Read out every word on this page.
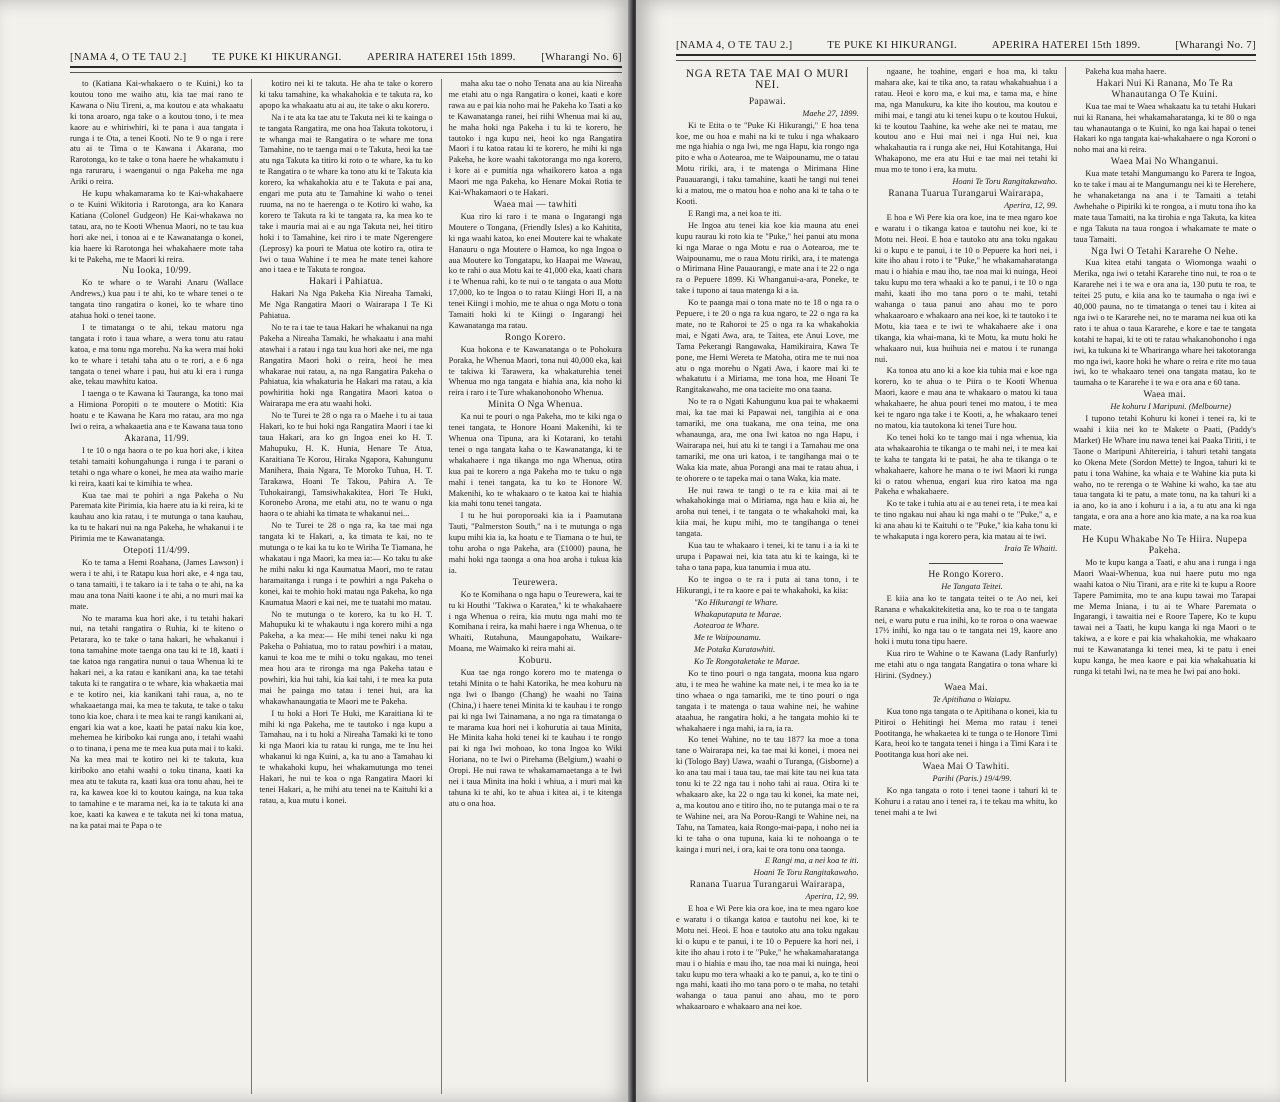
[NAMA 4, O TE TAU 2.] TE PUKE KI HIKURANGI. APERIRA HATEREI 15th 1899. [Wharangi No. 6]

to (Katiana Kai-whakaero o te Kuini,) ko ta koutou tono me waiho atu, kia tae mai rano te Kawana o Niu Tireni, a, ma koutou e ata whakaatu ki tona aroaro, nga take o a koutou tono, i te mea kaore au e whiriwhiri, ki te pana i aua tangata i runga i te Ota, a tenei Kooti. No te 9 o nga i rere atu ai te Tima o te Kawana i Akarana, mo Rarotonga, ko te take o tona haere he whakamutu i nga raruraru, i waenganui o nga Pakeha me nga Ariki o reira.

He kupu whakamarama ko te Kai-whakahaere o te Kuini Wikitoria i Rarotonga, ara ko Kanara Katiana (Colonel Gudgeon) He Kai-whakawa no tatau, ara, no te Kooti Whenua Maori, no te tau kua hori ake nei, i tonoa ai e te Kawanatanga o konei, kia haere ki Rarotonga hei whakahaere mote taha ki te Pakeha, me te Maori ki reira.

Nu Iooka, 10/99.

Ko te whare o te Warahi Anaru (Wallace Andrews,) kua pau i te ahi, ko te whare tenei o te tangata tino rangatira o konei, ko te whare tino atahua hoki o tenei taone.

I te timatanga o te ahi, tekau matoru nga tangata i roto i taua whare, a wera tonu atu ratau katoa, e ma tonu nga morehu. Na ka wera mai hoki ko te whare i tetahi taha atu o te rori, a e 6 nga tangata o tenei whare i pau, hui atu ki era i runga ake, tekau mawhitu katoa.

I taenga o te Kawana ki Tauranga, ka tono mai a Himiona Poropiti o te moutere o Motiti: Kia hoatu e te Kawana he Kara mo ratau, ara mo nga Iwi o reira, a whakaaetia ana e te Kawana taua tono

Akarana, 11/99.

I te 10 o nga haora o te po kua hori ake, i kitea tetahi tamaiti kohungahunga i runga i te parani o tetahi o nga whare o konei, he mea ata waiho marie ki reira, kaati kai te kimihia te whea.

Kua tae mai te pohiri a nga Pakeha o Nu Paremata kite Pirimia, kia haere atu ia ki reira, ki te kauhau ano kia ratau, i te mutunga o tana kauhau, ka tu te hakari nui na nga Pakeha, he whakanui i te Pirimia me te Kawanatanga.

Otepoti 11/4/99.

Ko te tama a Hemi Roahana, (James Lawson) i wera i te ahi, i te Ratapu kua hori ake, e 4 nga tau, o tana tamaiti, i te takaro ia i te taha o te ahi, na ka mau ana tona Naiti kaone i te ahi, a no muri mai ka mate.

No te marama kua hori ake, i tu tetahi hakari nui, na tetahi rangatira o Ruhia, ki te kiteno o Petarara, ko te take o tana hakari, he whakanui i tona tamahine mote taenga ona tau ki te 18, kaati i tae katoa nga rangatira nunui o taua Whenua ki te hakari nei, a ka ratau e kanikani ana, ka tae tetahi takuta ki te rangatira o te whare, kia whakaetia mai e te kotiro nei, kia kanikani tahi raua, a, no te whakaaetanga mai, ka mea te takuta, te take o taku tono kia koe, chara i te mea kai te rangi kanikani ai, engari kia wat a koe, kaati he patai naku kia koe, mehemea he kiriboko kai runga ano, i tetahi waahi o to tinana, i pena me te mea kua puta mai i to kaki. Na ka mea mai te kotiro nei ki te takuta, kua kiriboko ano etahi waahi o toku tinana, kaati ka mea atu te takuta ra, kaati kua ora tonu ahau, hei te ra, ka kawea koe ki to koutou kainga, na kua taka to tamahine e te marama nei, ka ia te takuta ki ana koe, kaati ka kawea e te takuta nei ki tona matua, na ka patai mai te Papa o te

kotiro nei ki te takuta. He aha te take o korero ki taku tamahine, ka whakahokia e te takuta ra, ko apopo ka whakaatu atu ai au, ite take o aku korero.

Na i te ata ka tae atu te Takuta nei ki te kainga o te tangata Rangatira, me ona hoa Takuta tokotoru, i te whanga mai te Rangatira o te whare me tona Tamahine, no te taenga mai o te Takuta, heoi ka tae atu nga Takuta ka titiro ki roto o te whare, ka tu ko te Rangatira o te whare ka tono atu ki te Takuta kia korero, ka whakahokia atu e te Takuta e pai ana, engari me puta atu te Tamahine ki waho o tenei ruuma, na no te haerenga o te Kotiro ki waho, ka korero te Takuta ra ki te tangata ra, ka mea ko te take i mauria mai ai e au nga Takuta nei, hei titiro hoki i to Tamahine, kei riro i te mate Ngerengere (Leprosy) ka pouri te Matua ote kotiro ra, otira te Iwi o taua Wahine i te mea he mate tenei kahore ano i taea e te Takuta te rongoa.

Hakari i Pahiatua.

Hakari Na Nga Pakeha Kia Nireaha Tamaki, Me Nga Rangatira Maori o Wairarapa I Te Ki Pahiatua.

No te ra i tae te taua Hakari he whakanui na nga Pakeha a Nireaha Tamaki, he whakaatu i ana mahi atawhai i a ratau i nga tau kua hori ake nei, me nga Rangatira Maori hoki o reira, heoi he mea whakarae nui ratau, a, na nga Rangatira Pakeha o Pahiatua, kia whakaturia he Hakari ma ratau, a kia powhiritia hoki nga Rangatira Maori katoa o Wairarapa me era atu waahi hoki.

No te Turei te 28 o nga ra o Maehe i tu ai taua Hakari, ko te hui hoki nga Rangatira Maori i tae ki taua Hakari, ara ko gn Ingoa enei ko H. T. Mahupuku, H. K. Hunia, Henare Te Atua, Karaitiana Te Korou, Hiraka Ngapora, Kahungunu Manihera, Ihaia Ngara, Te Moroko Tuhua, H. T. Tarakawa, Hoani Te Takou, Pahira A. Te Tuhokairangi, Tamsiwhakakitea, Hori Te Huki, Koronebo Arona, me etahi atu, no te wanu o nga haora o te ahiahi ka timata te whakanui nei...

No te Turei te 28 o nga ra, ka tae mai nga tangata ki te Hakari, a, ka timata te kai, no te mutunga o te kai ka tu ko te Wiriha Te Tiamana, he whakatau i nga Maori, ka mea ia:— Ko taku tu ake he mihi naku ki nga Kaumatua Maori, mo te ratau haramaitanga i runga i te powhiri a nga Pakeha o konei, kai te mohio hoki matau nga Pakeha, ko nga Kaumatua Maori e kai nei, me te tuatahi mo matau.

No te mutunga o te korero, ka tu ko H. T. Mahupuku ki te whakautu i nga korero mihi a nga Pakeha, a ka mea:— He mihi tenei naku ki nga Pakeha o Pahiatua, mo to ratau powhiri i a matau, kanui te koa me te mihi o toku ngakau, mo tenei mea hou ara te rironga ma nga Pakeha tatau e powhiri, kia hui tahi, kia kai tahi, i te mea ka puta mai he painga mo tatau i tenei hui, ara ka whakawhanaungatia te Maori me te Pakeha.

I tu hoki a Hori Te Huki, me Karaitiana ki te mihi ki nga Pakeha, me te tautoko i nga kupu a Tamahau, na i tu hoki a Nireaha Tamaki ki te tono ki nga Maori kia tu ratau ki runga, me te Inu hei whakanui ki nga Kuini, a, ka tu ano a Tamahau ki te whakahoki kupu, hei whakamutunga mo tenei Hakari, he nui te koa o nga Rangatira Maori ki tenei Hakari, a, he mihi atu tenei na te Kaituhi ki a ratau, a, kua mutu i konei.

maha aku tae o noho Tenata ana au kia Nireaha me etahi atu o nga Rangatira o konei, kaati e kore rawa au e pai kia noho mai he Pakeha ko Taati a ko te Kawanatanga ranei, hei riihi Whenua mai ki au, he maha hoki nga Pakeha i tu ki te korero, he tautoko i nga kupu nei, heoi ko nga Rangatira Maori i tu katoa ratau ki te korero, he mihi ki nga Pakeha, he kore waahi takotoranga mo nga korero, i kore ai e pumitia nga whaikorero katoa a nga Maori me nga Pakeha, ko Henare Mokai Rotia te Kai-Whakamaori o te Hakari.

Waea mai — tawhiti

Kua riro ki raro i te mana o Ingarangi nga Moutere o Tongana, (Friendly Isles) a ko Kahitita, ki nga waahi katoa, ko enei Moutere kai te whakate Hanauru o nga Moutere o Hamoa, ko nga Ingoa o aua Moutere ko Tongatapu, ko Haapai me Wawau, ko te rahi o aua Motu kai te 41,000 eka, kaati chara i te Whenua rahi, ko te nui o te tangata o aua Motu 17,000, ko te Ingoa o to ratau Kiingi Hori II, a na tenei Kiingi i mohio, me te ahua o nga Motu o tona Tamaiti hoki ki te Kiingi o Ingarangi hei Kawanatanga ma ratau.

Rongo Korero.

Kua hokona e te Kawanatanga o te Pohokura Poraka, he Whenua Maori, tona nui 40,000 eka, kai te takiwa ki Tarawera, ka whakaturehia tenei Whenua mo nga tangata e hiahia ana, kia noho ki reira i raro i te Ture whakanohonoho Whenua.

Minita O Nga Whenua.

Ka nui te pouri o nga Pakeha, mo te kiki nga o tenei tangata, te Honore Hoani Makenihi, ki te Whenua ona Tipuna, ara ki Kotarani, ko tetahi tenei o nga tangata kaha o te Kawanatanga, ki te whakahaere i nga tikanga mo nga Whenua, otira kua pai te korero a nga Pakeha mo te tuku o nga mahi i tenei tangata, ka tu ko te Honore W. Makenihi, ko te whakaaro o te katoa kai te hiahia kia mahi tonu tenei tangata.

I tu he hui poroporoaki kia ia i Paamutana Tauti, "Palmerston South," na i te mutunga o nga kupu mihi kia ia, ka hoatu e te Tiamana o te hui, te tohu aroha o nga Pakeha, ara (£1000) pauna, he mahi hoki nga taonga a ona hoa aroha i tukua kia ia.

Teurewera.

Ko te Komihana o nga hapu o Teurewera, kai te tu ki Houthi "Takiwa o Karatea," ki te whakahaere i nga Whenua o reira, kia mutu nga mahi mo te Komihana i reira, ka mahi haere i nga Whenua, o te Whaiti, Rutahuna, Maungapohatu, Waikare-Moana, me Waimako ki reira mahi ai.

Koburu.

Kua tae nga rongo korero mo te matenga o tetahi Minita o te hahi Katorika, he mea kohuru na nga Iwi o Ibango (Chang) he waahi no Taina (China,) i haere tenei Minita ki te kauhau i te rongo pai ki nga Iwi Tainamana, a no nga ra timatanga o te marama kua hori nei i kohurutia ai taua Minita, He Minita kaha hoki tenei ki te kauhau i te rongo pai ki nga Iwi mohoao, ko tona Ingoa ko Wiki Horiana, no te Iwi o Pirehama (Belgium,) waahi o Oropi. He nui rawa te whakamamaetanga a te Iwi nei i taua Minita ina hoki i whiua, a i muri mai ka tahuna ki te ahi, ko te ahua i kitea ai, i te kitenga atu o ona hoa.

[NAMA 4, O TE TAU 2.]	TE PUKE KI HIKURANGI.	APERIRA HATEREI 15th 1899.	[Wharangi No. 7]
NGA RETA TAE MAI O MURI NEI.

Papawai.

Maehe 27, 1899.

Ki te Etita o te "Puke Ki Hikurangi," E hoa tena koe, me ou hoa e mahi na ki te tuku i nga whakaaro me nga hiahia o nga Iwi, me nga Hapu, kia rongo nga pito e wha o Aotearoa, me te Waipounamu, me o tatau Motu ririki, ara, i te matenga o Mirimana Hine Pauauarangi, i taku tamahine, kaati he tangi nui tenei ki a matou, me o matou hoa e noho ana ki te taha o te Kooti.

E Rangi ma, a nei koa te iti.

He Ingoa atu tenei kia koe kia mauna atu enei kupu raurau ki roto kia te "Puke," hei panui atu mona ki nga Marae o nga Motu e rua o Aotearoa, me te Waipounamu, me o raua Motu ririki, ara, i te matenga o Mirimana Hine Pauaurangi, e mate ana i te 22 o nga ra o Pepuere 1899. Ki Whanganui-a-ara, Poneke, te take i tupono ai taua matenga ki a ia.

Ko te paanga mai o tona mate no te 18 o nga ra o Pepuere, i te 20 o nga ra kua ngaro, te 22 o nga ra ka mate, no te Rahoroi te 25 o nga ra ka whakahokia mai, e Ngati Awa, ara, te Taitea, ete Anui Love, me Tama Pekerangi Rangawaka, Hamikiraira, Kawa Te pone, me Hemi Wereta te Matoha, otira me te nui noa atu o nga morehu o Ngati Awa, i kaore mai ki te whakatutu i a Miriama, me tona hoa, me Hoani Te Rangitakawaho, me ona tacieite mo ona taana.

No te ra o Ngati Kahungunu kua pai te whakaemi mai, ka tae mai ki Papawai nei, tangihia ai e ona tamariki, me ona tuakana, me ona teina, me ona whanaunga, ara, me ona Iwi katoa no nga Hapu, i Wairarapa nei, hui atu ki te tangi i a Tamahau me ona tamariki, me ona uri katoa, i te tangihanga mai o te Waka kia mate, ahua Porangi ana mai te ratau ahua, i te ohorere o te tapeka mai o tana Waka, kia mate.

He nui rawa te tangi o te ra e kiia mai ai te whakahokinga mai o Miriama, nga hau e kiia ai, he aroha nui tenei, i te tangata o te whakahoki mai, ka kiia mai, he kupu mihi, mo te tangihanga o tenei tangata.

Kua tau te whakaaro i tenei, ki te tanu i a ia ki te urupa i Papawai nei, kia tata atu ki te kainga, ki te taha o tana papa, kua tanumia i mua atu.

Ko te ingoa o te ra i puta ai tana tono, i te Hikurangi, i te ra kaore e pai te whakahoki, ka kiia:

"Ko Hikurangi te Whare.

Whakaputaputa te Marae.

Aotearoa te Whare.

Me te Waipounamu.

Me Potaka Kuratawhiti.

Ko Te Rongotaketake te Marae.

Ko te tino pouri o nga tangata, moona kua ngaro atu, i te mea he wahine ka mate nei, i te mea ko ia te tino whaea o nga tamariki, me te tino pouri o nga tangata i te matenga o taua wahine nei, he wahine ataahua, he rangatira hoki, a he tangata mohio ki te whakahaere i nga mahi, ia ra, ia ra.

Ko tenei Wahine, no te tau 1877 ka moe a tona tane o Wairarapa nei, ka tae mai ki konei, i moea nei ki (Tologo Bay) Uawa, waahi o Turanga, (Gisborne) a ko ana tau mai i taua tau, tae mai kite tau nei kua tata tonu ki te 22 nga tau i noho tahi ai raua. Otira ki te whakaaro ake, ka 22 o nga tau ki konei, ka mate nei, a, ma koutou ano e titiro iho, no te putanga mai o te ra te Wahine nei, ara Na Porou-Rangi te Wahine nei, na Tahu, na Tamatea, kaia Rongo-mai-papa, i noho nei ia ki te taha o ona tupuna, kaia ki te nohoanga o te kainga i muri nei, i ora, kai te ora tonu ona taonga.

E Rangi ma, a nei koa te iti.

Hoani Te Toru Rangitakawaho.

Ranana Tuarua Turangarui Wairarapa,

Aperira, 12, 99.

E hoa e Wi Pere kia ora koe, ina te mea ngaro koe e waratu i o tikanga katoa e tautohu nei koe, ki te Motu nei. Heoi. E hoa e tautoko atu ana toku ngakau ki o kupu e te panui, i te 10 o Pepuere ka hori nei, i kite iho ahau i roto i te "Puke," he whakamaharatanga mau i o hiahia e mau iho, tae noa mai ki nuinga, heoi taku kupu mo tera whaaki a ko te panui, a, ko te tini o nga mahi, kaati iho mo tana poro o te maha, no tetahi wahanga o taua panui ano ahau, mo te poro whakaaroaro e whakaaro ana nei koe.

ngaane, he toahine, engari e hoa ma, ki taku mahara ake, kai te tika ano, ta ratau whakahuahua i a ratau. Heoi e koro ma, e kui ma, e tama ma, e hine ma, nga Manukuru, ka kite iho koutou, ma koutou e mihi mai, e tangi atu ki tenei kupu o te koutou Hukui, ki te koutou Taahine, ka wehe ake nei te matau, me koutou ano e Hui mai nei i nga Hui nei, kua whakahautia ra i runga ake nei, Hui Kotahitanga, Hui Whakapono, me era atu Hui e tae mai nei tetahi ki mua mo te tono i era, ka mutu.

Hoani Te Toru Rangitakawaho.

Ranana Tuarua Turangarui Wairarapa,

Aperira, 12, 99.

E hoa e Wi Pere kia ora koe, ina te mea ngaro koe e waratu i o tikanga katoa e tautohu nei koe, ki te Motu nei. Heoi. E hoa e tautoko atu ana toku ngakau ki o kupu e te panui, i te 10 o Pepuere ka hori nei, i kite iho ahau i roto i te "Puke," he whakamaharatanga mau i o hiahia e mau iho, tae noa mai ki nuinga, Heoi taku kupu mo tera whaaki a ko te panui, i te 10 o nga mahi, kaati iho mo tana poro o te mahi, tetahi wahanga o taua panui ano ahau mo te poro whakaaroaro e whakaaro ana nei koe, ki te tautoko i te Motu, kia taea e te iwi te whakahaere ake i ona tikanga, kia whai-mana, ki te Motu, ka mutu hoki he whakaaro nui, kua huihuia nei e matou i te runanga nui.

Ka tonoa atu ano ki a koe kia tuhia mai e koe nga korero, ko te ahua o te Piira o te Kooti Whenua Maori, kaore e mau ana te whakaaro o matou ki taua whakahaere, he ahua pouri tenei mo matou, i te mea kei te ngaro nga take i te Kooti, a, he whakaaro tenei no matou, kia tautokona ki tenei Ture hou.

Ko tenei hoki ko te tango mai i nga whenua, kia ata whakaarohia te tikanga o te mahi nei, i te mea kai te kaha te tangata ki te patai, he aha te tikanga o te whakahaere, kahore he mana o te iwi Maori ki runga ki o ratou whenua, engari kua riro katoa ma nga Pakeha e whakahaere.

Ko te take i tuhia atu ai e au tenei reta, i te mea kai te tino ngakau nui ahau ki nga mahi o te "Puke," a, e ki ana ahau ki te Kaituhi o te "Puke," kia kaha tonu ki te whakaputa i nga korero pera, kia matau ai te iwi.

Iraia Te Whaiti.

He Rongo Korero.

He Tangata Teitei.

E kiia ana ko te tangata teitei o te Ao nei, kei Ranana e whakakitekitetia ana, ko te roa o te tangata nei, e waru putu e rua inihi, ko te roroa o ona waewae 17½ inihi, ko nga tau o te tangata nei 19, kaore ano hoki i mutu tona tipu haere.

Kua riro te Wahine o te Kawana (Lady Ranfurly) me etahi atu o nga tangata Rangatira o tona whare ki Hirini. (Sydney.)

Waea Mai.

Te Apitihana o Waiapu.

Kua tono nga tangata o te Apitihana o konei, kia tu Pitiroi o Hehitingi hei Mema mo ratau i tenei Pootitanga, he whakaetea ki te tunga o te Honore Timi Kara, heoi ko te tangata tenei i hinga i a Timi Kara i te Pootitanga kua hori ake nei.

Waea Mai O Tawhiti.

Parihi (Paris.) 19/4/99.

Ko nga tangata o roto i tenei taone i tahuri ki te Kohuru i a ratau ano i tenei ra, i te tekau ma whitu, ko tenei mahi a te Iwi

Pakeha kua maha haere.

Hakari Nui Ki Ranana, Mo Te Ra Whanautanga O Te Kuini.

Kua tae mai te Waea whakaatu ka tu tetahi Hukari nui ki Ranana, hei whakamaharatanga, ki te 80 o nga tau whanautanga o te Kuini, ko nga kai hapai o tenei Hakari ko nga tangata kai-whakahaere o nga Koroni o noho mai ana ki reira.

Waea Mai No Whanganui.

Kua mate tetahi Mangumangu ko Parera te Ingoa, ko te take i mau ai te Mangumangu nei ki te Herehere, he whanaketanga na ana i te Tamaiti a tetahi Awhehahe o Pipiriki ki te rongoa, a i mutu tona iho ka mate taua Tamaiti, na ka tirohia e nga Takuta, ka kitea e nga Takuta na taua rongoa i whakamate te mate o taua Tamaiti.

Nga Iwi O Tetahi Kararehe O Nehe.

Kua kitea etahi tangata o Wiomonga waahi o Merika, nga iwi o tetahi Kararehe tino nui, te roa o te Kararehe nei i te wa e ora ana ia, 130 putu te roa, te teitei 25 putu, e kiia ana ko te taumaha o nga iwi e 40,000 pauna, no te timatanga o tenei tau i kitea ai nga iwi o te Kararehe nei, no te marama nei kua oti ka rato i te ahua o taua Kararehe, e kore e tae te tangata kotahi te hapai, ki te oti te ratau whakanohonoho i nga iwi, ka tukuna ki te Whariranga whare hei takotoranga mo nga iwi, kaore hoki he whare o reira e rite mo taua iwi, ko te whakaaro tenei ona tangata matau, ko te taumaha o te Kararehe i te wa e ora ana e 60 tana.

Waea mai.

He kohuru I Maripuni. (Melbourne)

I tupono tetahi Kohuru ki konei i tenei ra, ki te waahi i kiia nei ko te Makete o Paati, (Paddy's Market) He Whare inu nawa tenei kai Paaka Tiriti, i te Taone o Maripuni Ahitereiria, i tahuri tetahi tangata ko Okena Mete (Sordon Mette) te Ingoa, tahuri ki te patu i tona Wahine, ka whaia e te Wahine kia puta ki waho, no te rerenga o te Wahine ki waho, ka tae atu taua tangata ki te patu, a mate tonu, na ka tahuri ki a ia ano, ko ia ano i kohuru i a ia, a tu atu ana ki nga tangata, e ora ana a hore ano kia mate, a na ka roa kua mate.

He Kupu Whakabe No Te Hiira. Nupepa Pakeha.

Mo te kupu kanga a Taati, e ahu ana i runga i nga Maori Waai-Whenua, kua nui haere putu mo nga waahi katoa o Niu Tirani, ara e rite ki te kupu a Roore Tapere Pamimita, mo te ana kupu tawai mo Tarapai me Mema Iniana, i tu ai te Whare Paremata o Ingarangi, i tawaitia nei e Roore Tapere, Ko te kupu tawai nei a Taati, he kupu kanga ki nga Maori o te takiwa, a e kore e pai kia whakahokia, me whakaaro nui te Kawanatanga ki tenei mea, ki te patu i enei kupu kanga, he mea kaore e pai kia whakahuatia ki runga ki tetahi Iwi, na te mea he Iwi pai ano hoki.
